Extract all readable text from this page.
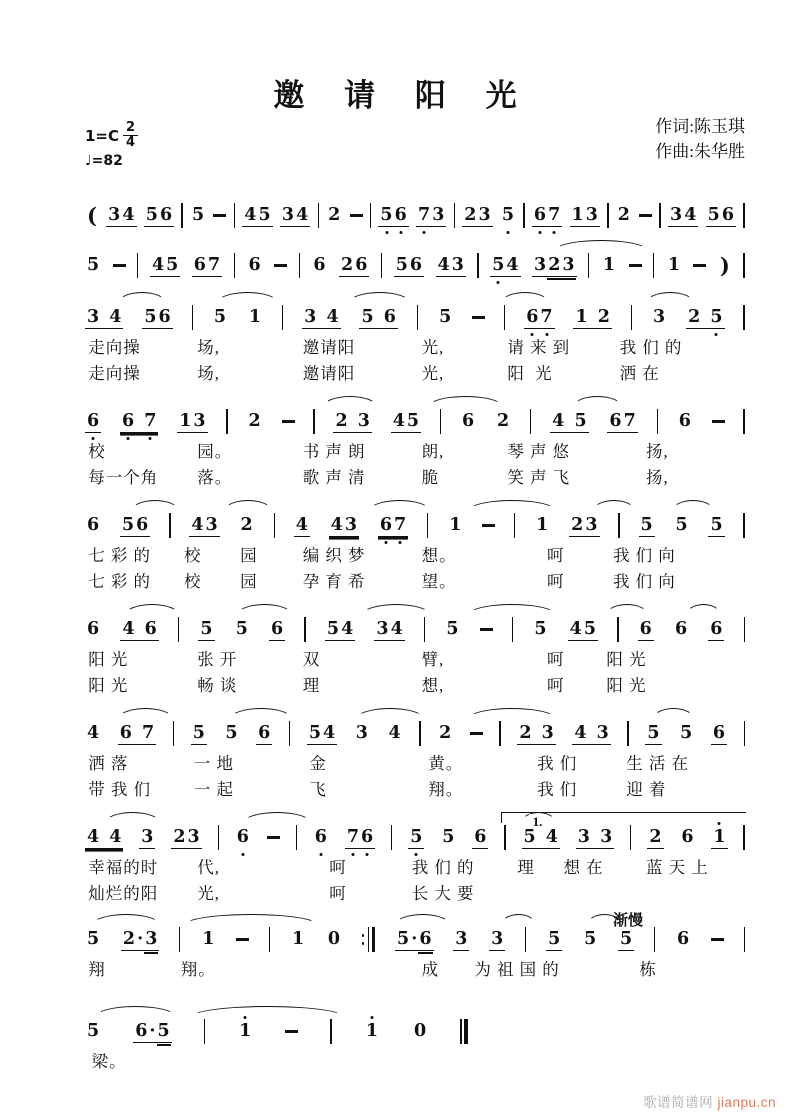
邀 请 阳 光
$1=C \frac{2}{4}$
♩=82
作词:陈玉琪
作曲:朱华胜
( 3 4 5 6 5 4 5 3 4 2 5 6 7 3 2 3 5 6 7 1 3 2 3 4 5 6
5	4 5 6 7 6	6 2 6 5 6 4 3 5 4 3 2 3 1	1 )
3 4 5 6 5 1 3 4 5 6 5	6 7 1 2 3 2 5
走向操	场,	邀请阳	光,	请 来 到	我 们 的
走向操	场,	邀请阳	光,	阳  光	洒 在
6 6 7 1 3 2	2 3 4 5 6 2 4 5 6 7 6
校	园。	书 声 朗	朗,	琴 声 悠	扬,
每一个角 落。	歌 声 清	脆	笑 声 飞	扬,
6 5 6 4 3 2 4 4 3 6 7 1	1 2 3 5 5 5
七 彩 的 校 园	编 织 梦	想。	呵	我 们 向
七 彩 的 校 园	孕 育 希	望。	呵	我 们 向
6 4 6 5 5 6 5 4 3 4 5	5 4 5 6 6 6
阳 光	张 开	双	臂,	呵	阳 光
阳 光	畅 谈	理	想,	呵	阳 光
4 6 7 5 5 6 5 4 3 4 2	2 3 4 3 5 5 6
洒 落	一 地	金	黄。	我 们	生 活 在
带 我 们	一 起	飞	翔。	我 们	迎 着
1.
4 4 3 2 3 6	6 7 6 5 5 6 5 4 3 3 2 6 1
幸福的时 代,	呵	我 们 的	理 想 在	蓝 天 上
灿烂的阳 光,	呵	长 大 要
渐慢
5 2 · 3	1	1 0	5 · 6 3 3	5 5 5	6
翔	翔。	成 为 祖 国 的	栋
5 6 · 5	1	1 0
梁。
歌谱简谱网 jianpu.cn
